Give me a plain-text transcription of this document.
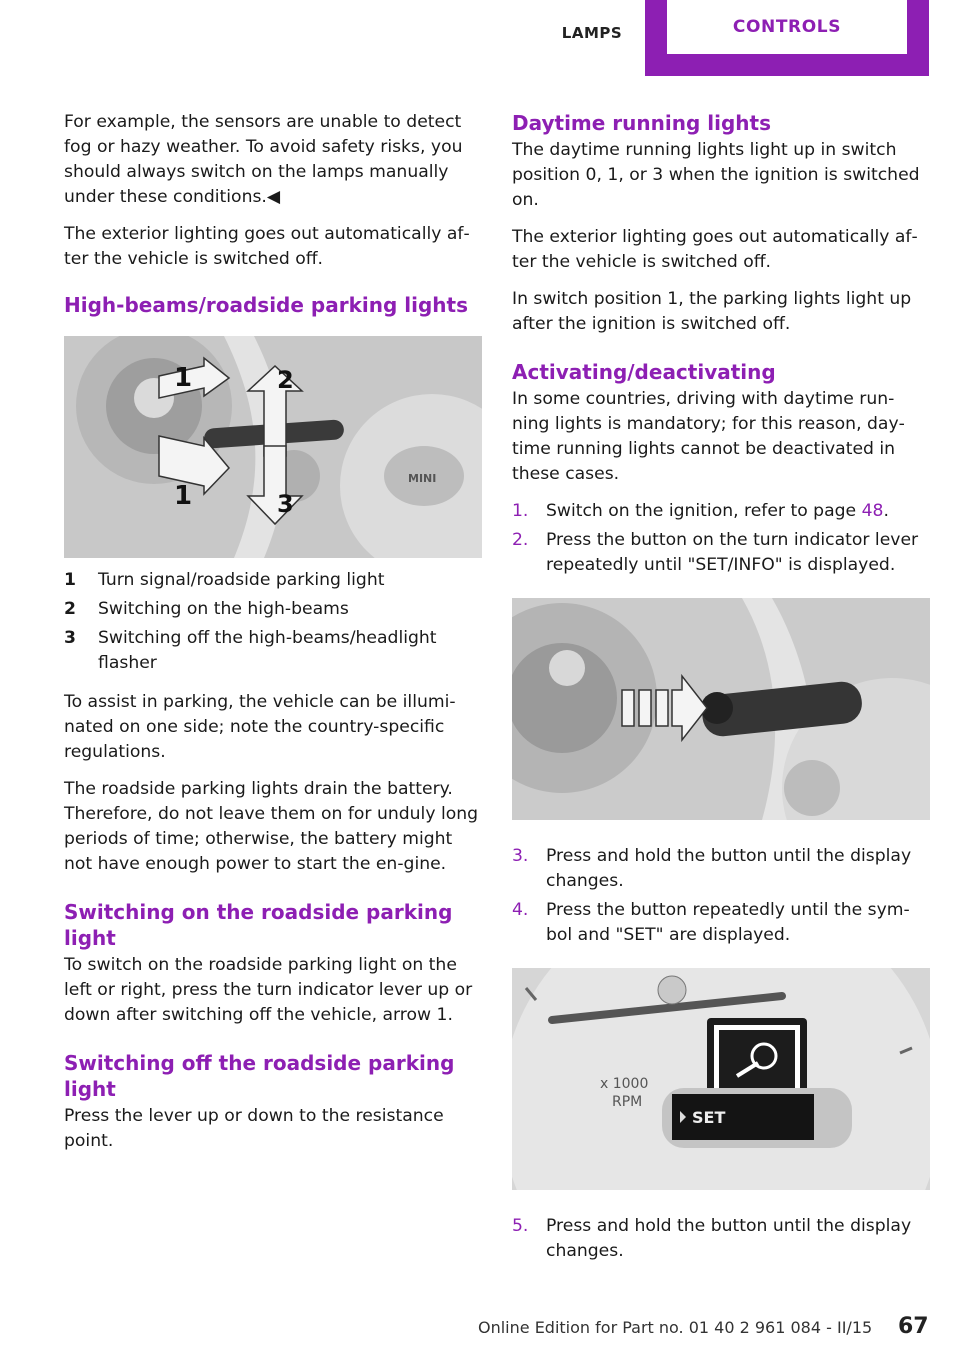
LAMPS	CONTROLS

For example, the sensors are unable to detect fog or hazy weather. To avoid safety risks, you should always switch on the lamps manually under these conditions.◀

The exterior lighting goes out automatically af‐ter the vehicle is switched off.

High-beams/roadside parking lights
1	2
3
1
MINI
1	Turn signal/roadside parking light
2	Switching on the high-beams
3	Switching off the high-beams/headlight flasher

To assist in parking, the vehicle can be illumi‐nated on one side; note the country-specific regulations.

The roadside parking lights drain the battery. Therefore, do not leave them on for unduly long periods of time; otherwise, the battery might not have enough power to start the en‐gine.

Switching on the roadside parking light

To switch on the roadside parking light on the left or right, press the turn indicator lever up or down after switching off the vehicle, arrow 1.

Switching off the roadside parking light

Press the lever up or down to the resistance point.

Daytime running lights

The daytime running lights light up in switch position 0, 1, or 3 when the ignition is switched on.

The exterior lighting goes out automatically af‐ter the vehicle is switched off.

In switch position 1, the parking lights light up after the ignition is switched off.

Activating/deactivating

In some countries, driving with daytime run‐ning lights is mandatory; for this reason, day‐time running lights cannot be deactivated in these cases.

1.	Switch on the ignition, refer to page 48.
2.	Press the button on the turn indicator lever repeatedly until "SET/INFO" is displayed.
3.	Press and hold the button until the display changes.
4.	Press the button repeatedly until the sym‐bol and "SET" are displayed.
SET
x 1000 RPM
5.	Press and hold the button until the display changes.
Online Edition for Part no. 01 40 2 961 084 - II/15 67
